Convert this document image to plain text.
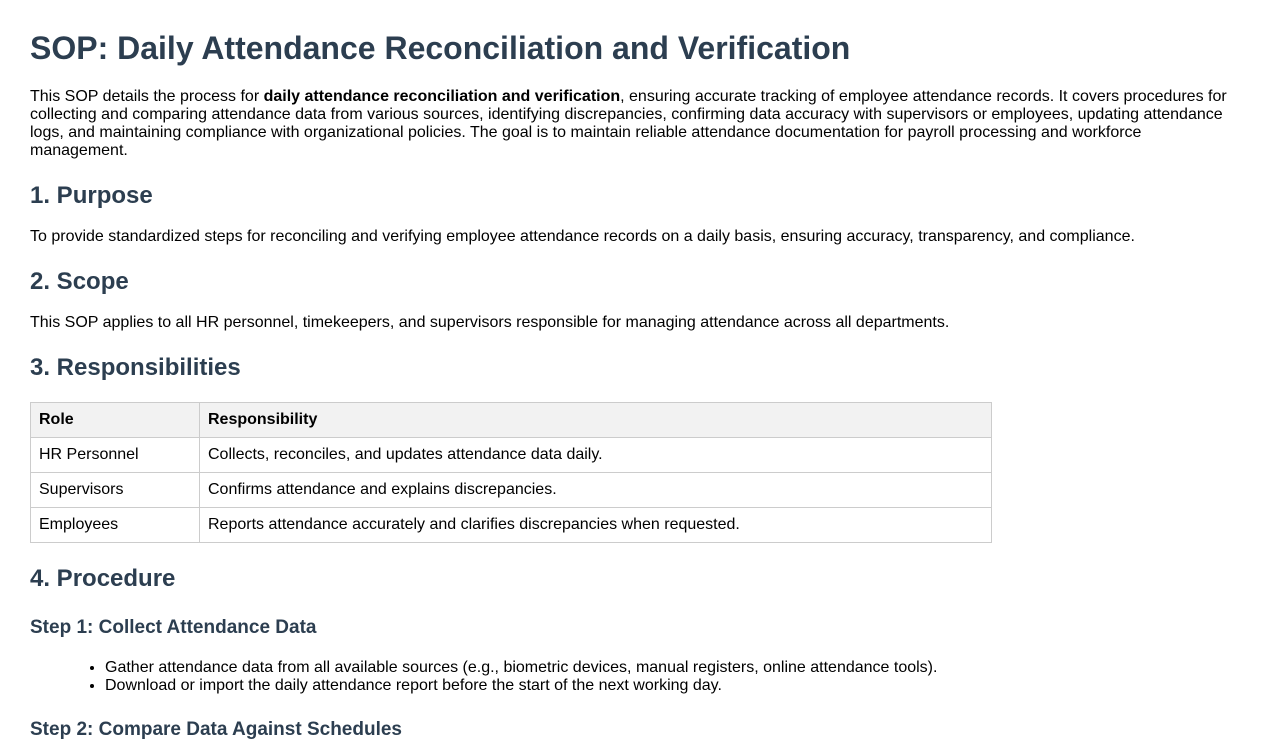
SOP: Daily Attendance Reconciliation and Verification

This SOP details the process for daily attendance reconciliation and verification, ensuring accurate tracking of employee attendance records. It covers procedures for collecting and comparing attendance data from various sources, identifying discrepancies, confirming data accuracy with supervisors or employees, updating attendance logs, and maintaining compliance with organizational policies. The goal is to maintain reliable attendance documentation for payroll processing and workforce management.

1. Purpose

To provide standardized steps for reconciling and verifying employee attendance records on a daily basis, ensuring accuracy, transparency, and compliance.

2. Scope

This SOP applies to all HR personnel, timekeepers, and supervisors responsible for managing attendance across all departments.

3. Responsibilities
Role	Responsibility
HR Personnel	Collects, reconciles, and updates attendance data daily.
Supervisors	Confirms attendance and explains discrepancies.
Employees	Reports attendance accurately and clarifies discrepancies when requested.
4. Procedure
Step 1: Collect Attendance Data
• Gather attendance data from all available sources (e.g., biometric devices, manual registers, online attendance tools).
• Download or import the daily attendance report before the start of the next working day.
Step 2: Compare Data Against Schedules
